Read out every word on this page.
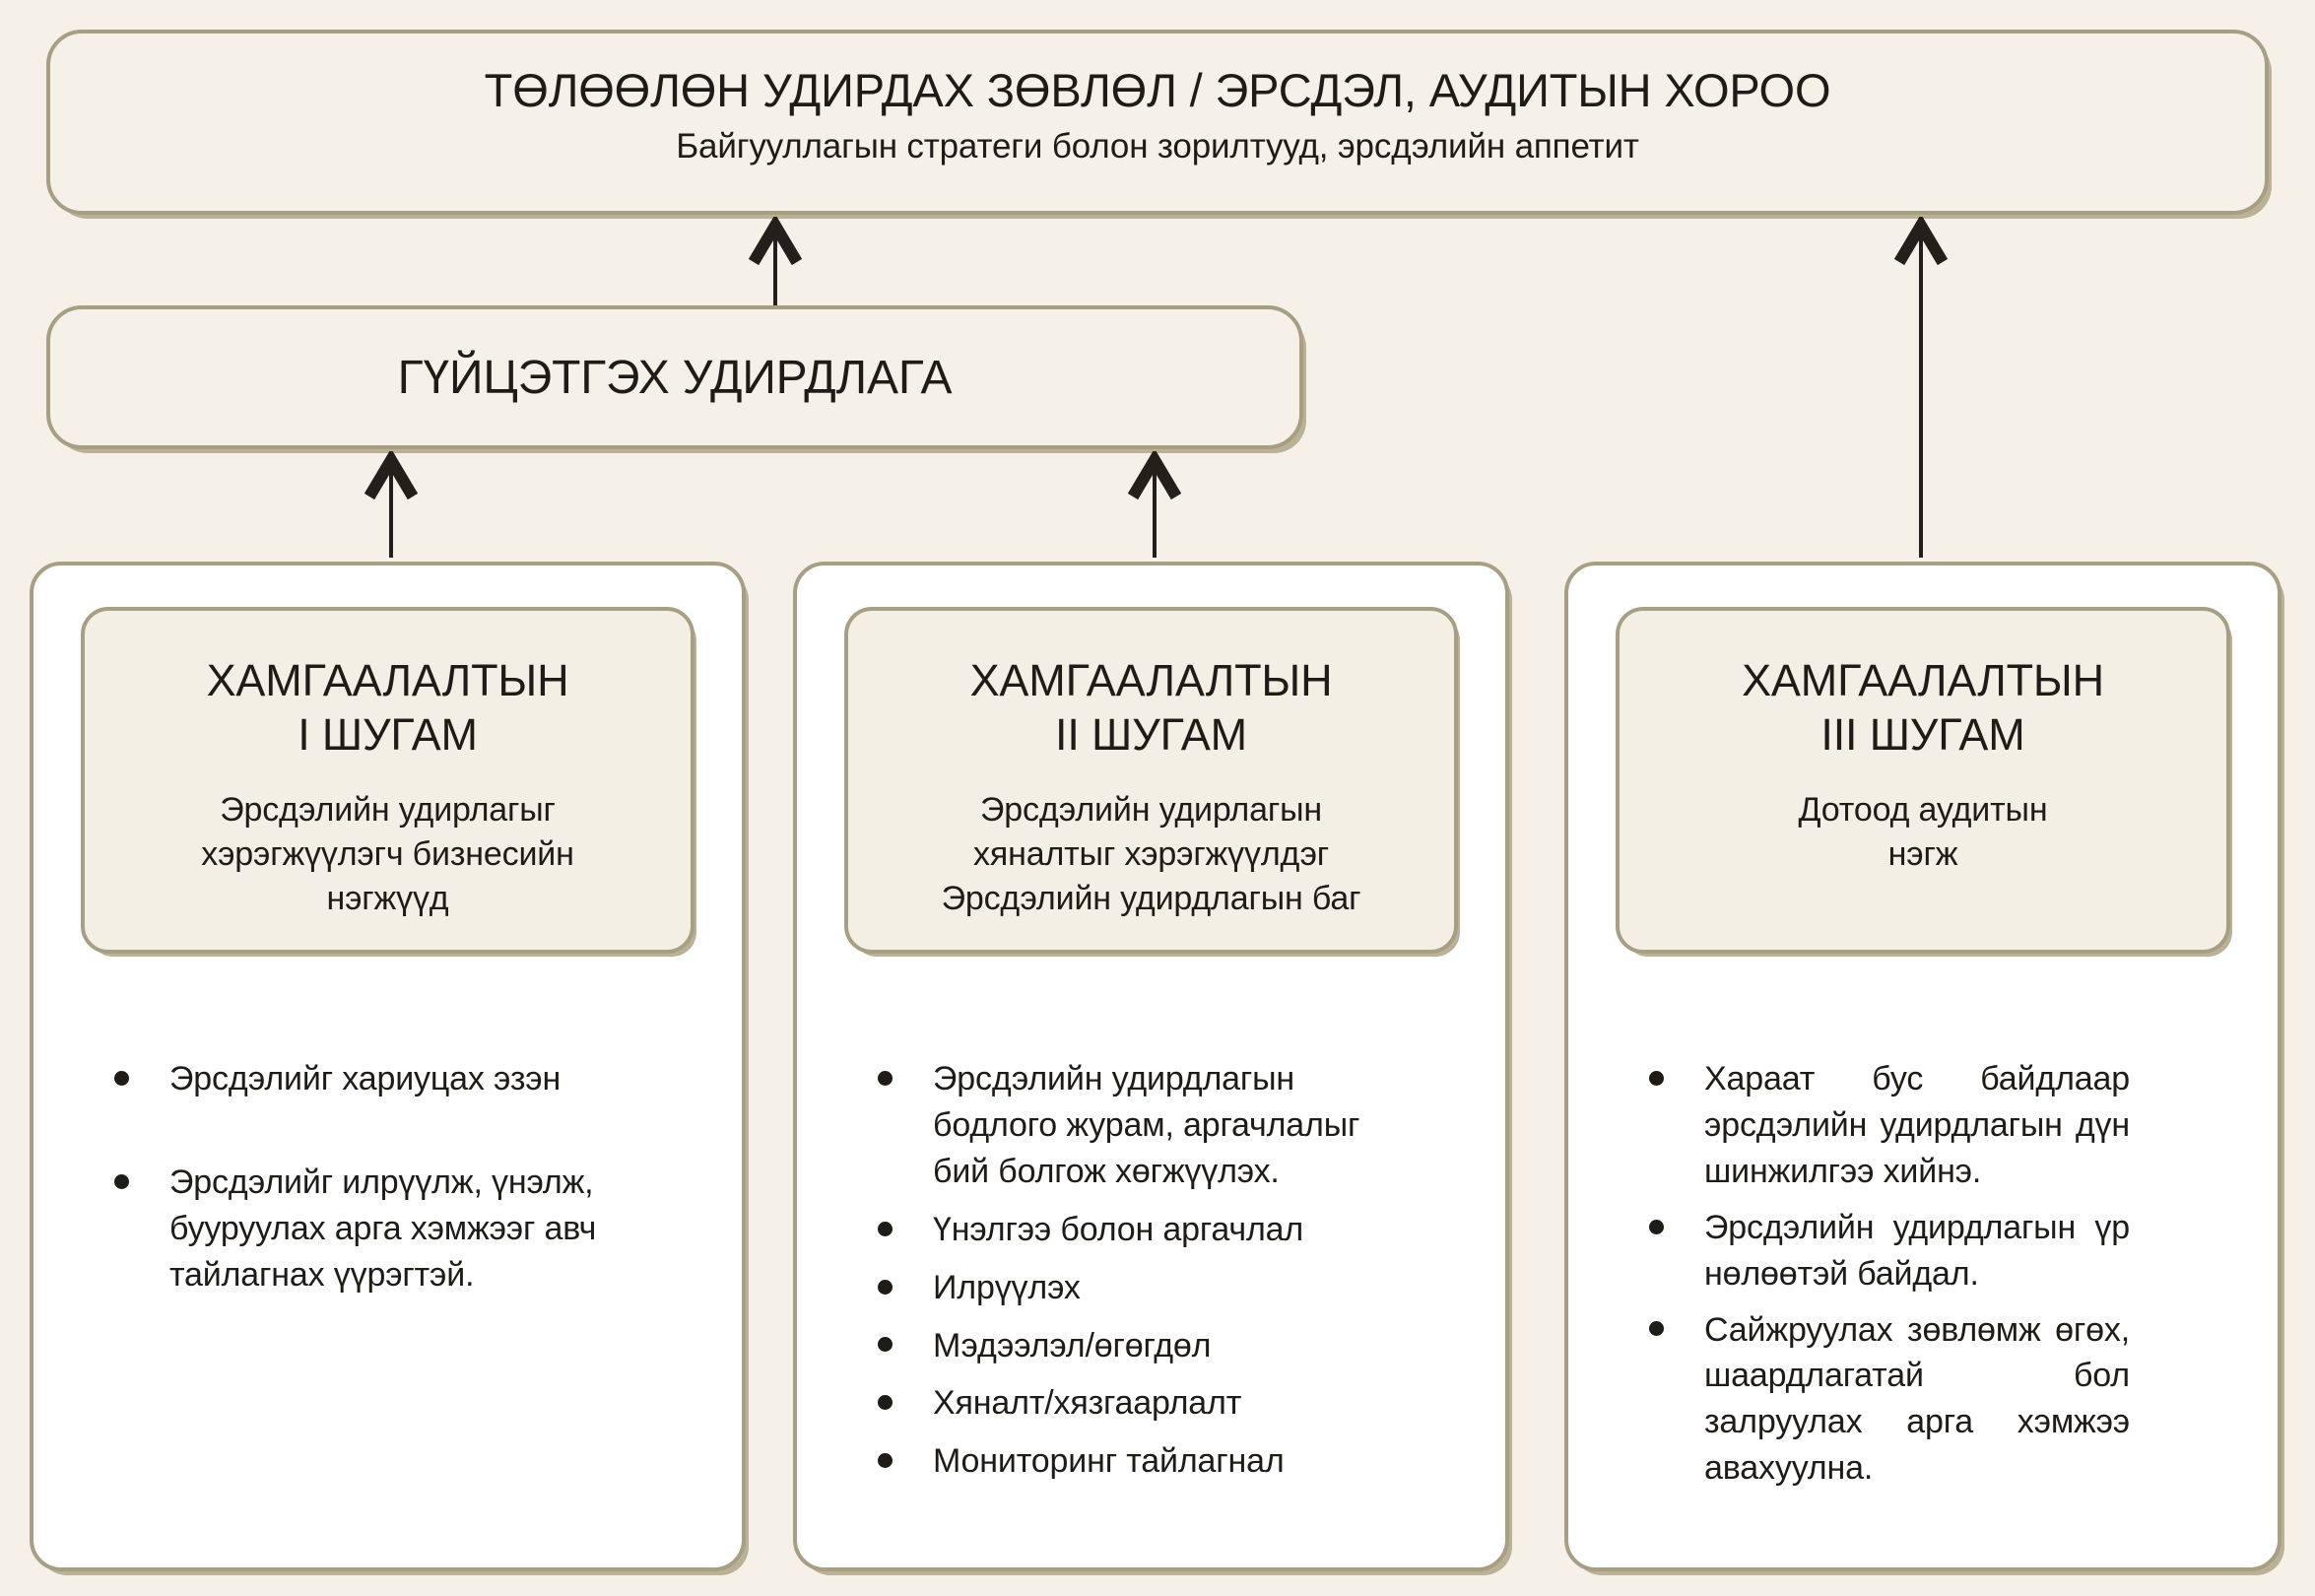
ТӨЛӨӨЛӨН УДИРДАХ ЗӨВЛӨЛ / ЭРСДЭЛ, АУДИТЫН ХОРОО
Байгууллагын стратеги болон зорилтууд, эрсдэлийн аппетит
ГҮЙЦЭТГЭХ УДИРДЛАГА
ХАМГААЛАЛТЫН
I ШУГАМ
Эрсдэлийн удирлагыг хэрэгжүүлэгч бизнесийн нэгжүүд
Эрсдэлийг хариуцах эзэн
Эрсдэлийг илрүүлж, үнэлж, бууруулах арга хэмжээг авч тайлагнах үүрэгтэй.
ХАМГААЛАЛТЫН
II ШУГАМ
Эрсдэлийн удирлагын хяналтыг хэрэгжүүлдэг Эрсдэлийн удирдлагын баг
Эрсдэлийн удирдлагын бодлого журам, аргачлалыг бий болгож хөгжүүлэх.
Үнэлгээ болон аргачлал
Илрүүлэх
Мэдээлэл/өгөгдөл
Хяналт/хязгаарлалт
Мониторинг тайлагнал
ХАМГААЛАЛТЫН
III ШУГАМ
Дотоод аудитын нэгж
Хараат бус байдлаар эрсдэлийн удирдлагын дүн шинжилгээ хийнэ.
Эрсдэлийн удирдлагын үр нөлөөтэй байдал.
Сайжруулах зөвлөмж өгөх, шаардлагатай бол залруулах арга хэмжээ авахуулна.
